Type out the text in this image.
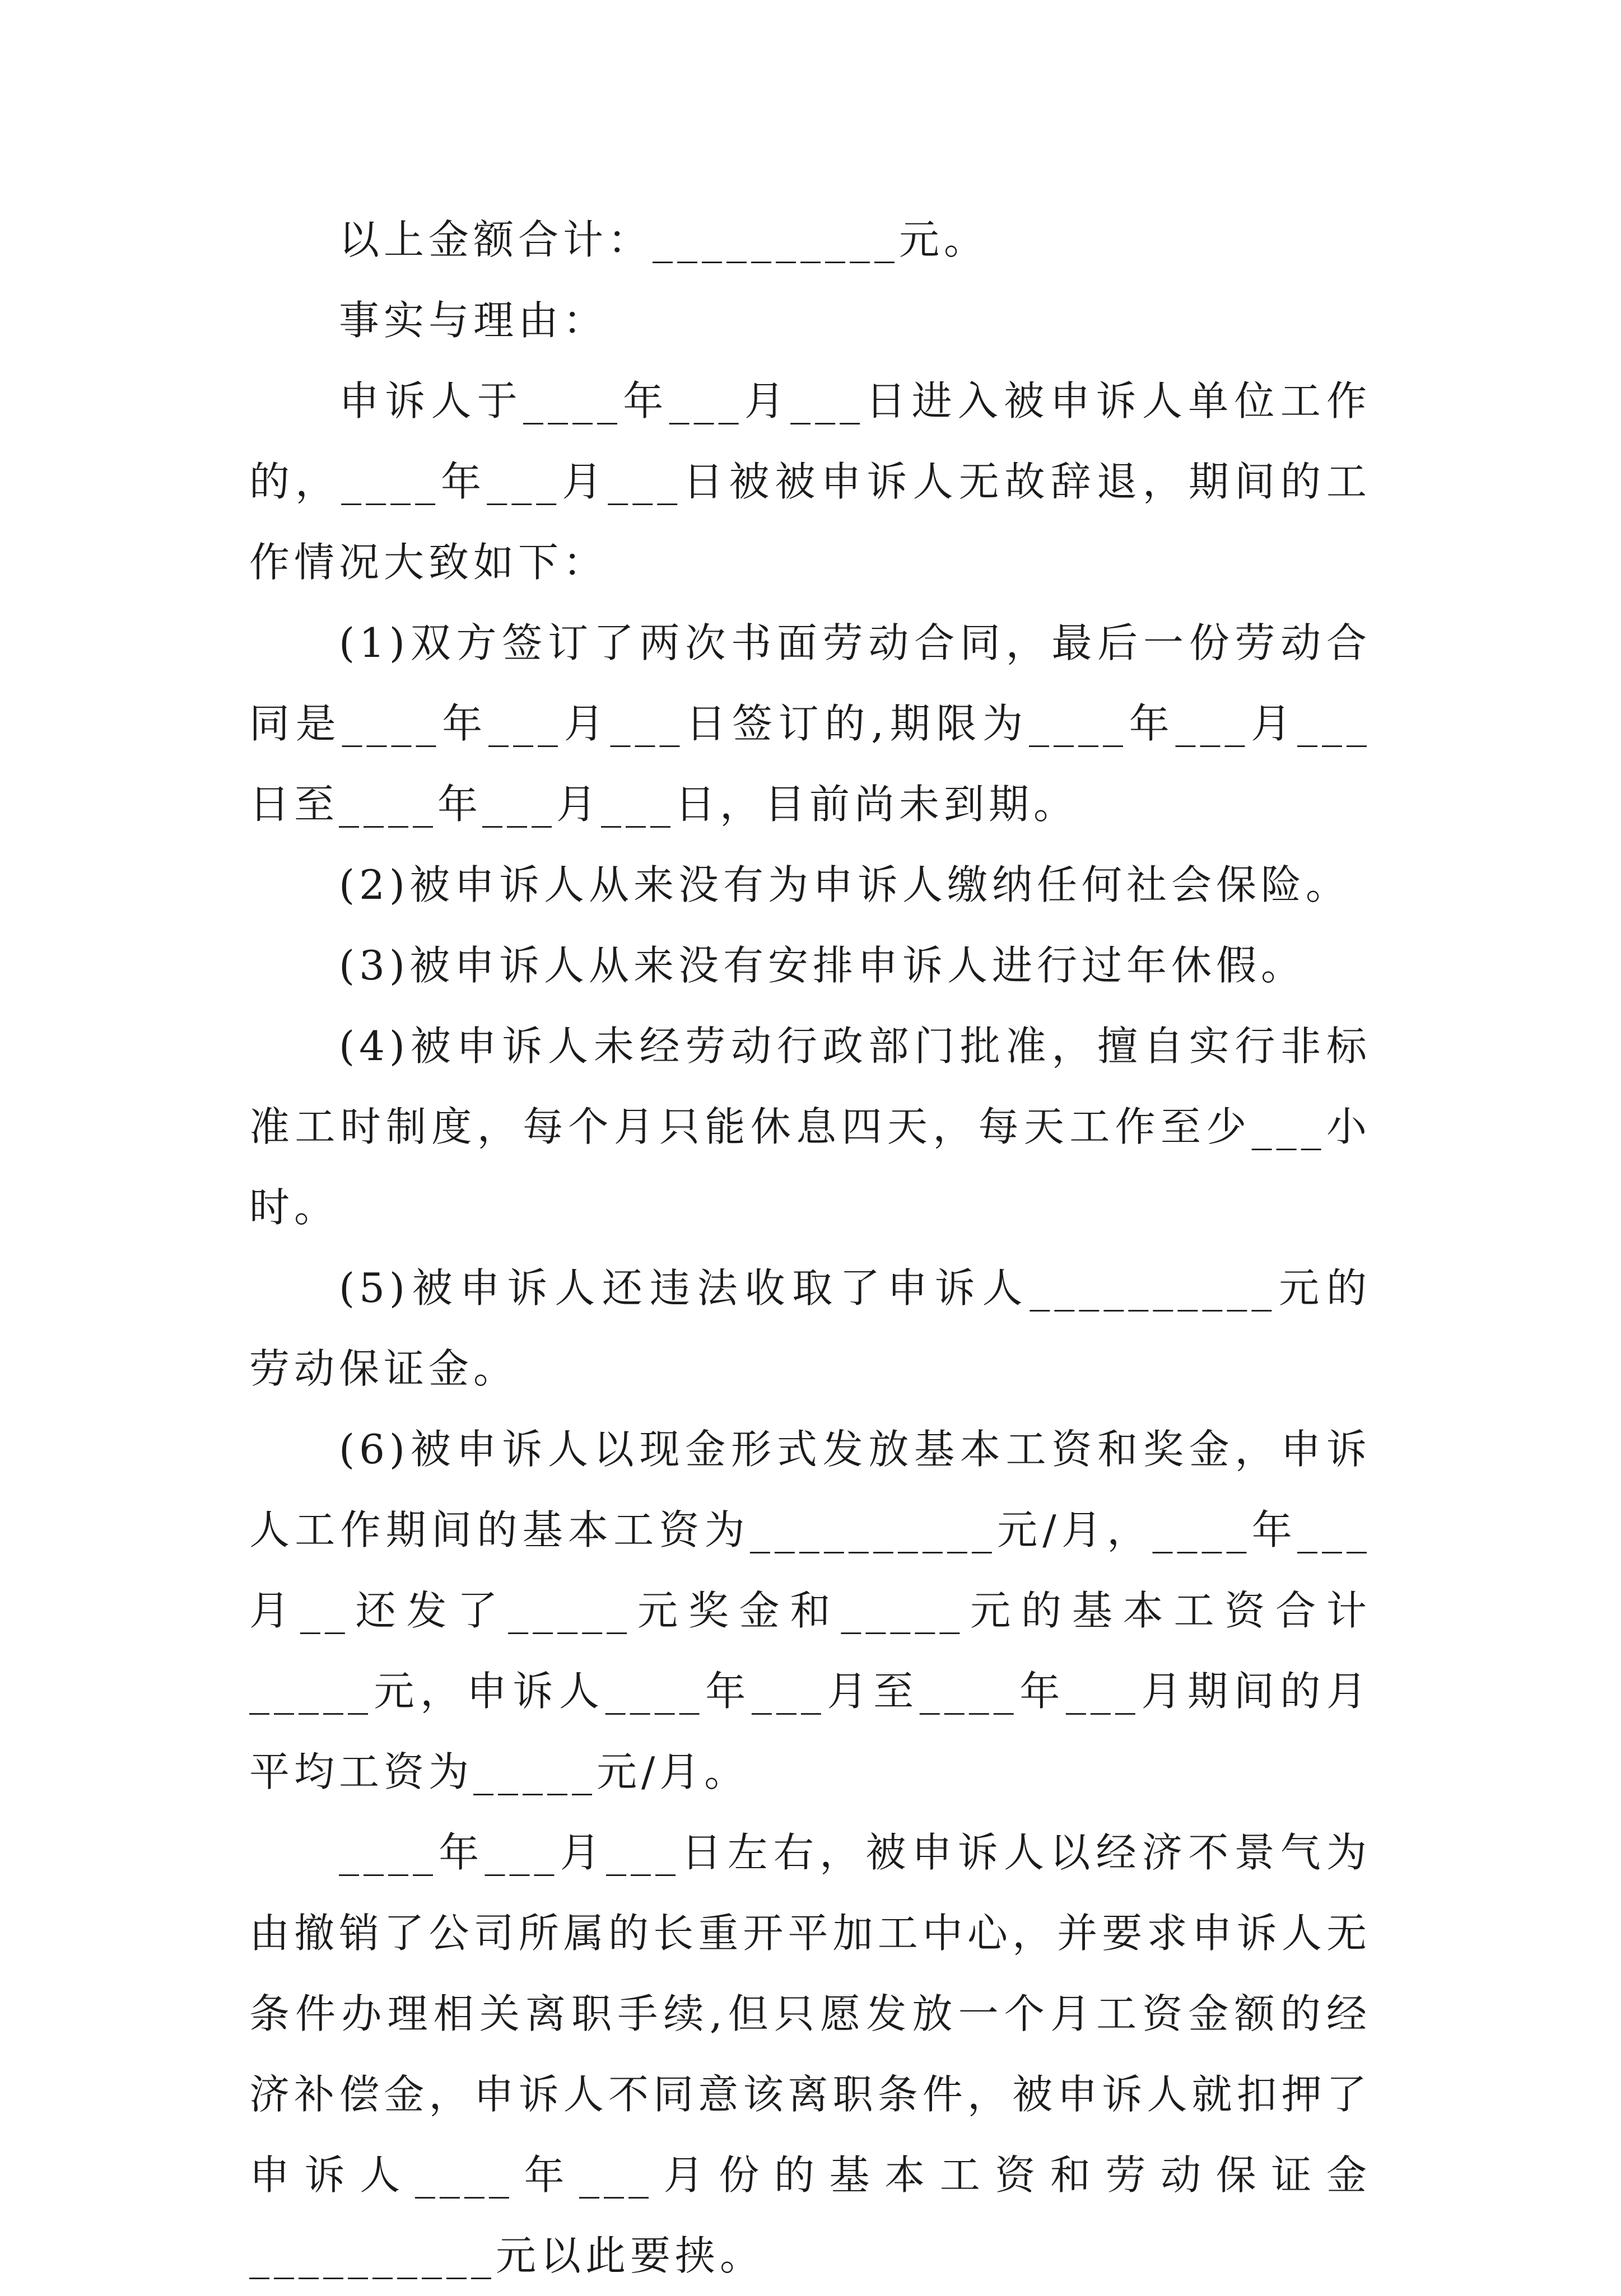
以上金额合计：__________元。

事实与理由：

申诉人于____年___月___日进入被申诉人单位工作的，____年___月___日被被申诉人无故辞退，期间的工作情况大致如下：

(1)双方签订了两次书面劳动合同，最后一份劳动合同是____年___月___日签订的,期限为____年___月___日至____年___月___日，目前尚未到期。

(2)被申诉人从来没有为申诉人缴纳任何社会保险。

(3)被申诉人从来没有安排申诉人进行过年休假。

(4)被申诉人未经劳动行政部门批准，擅自实行非标准工时制度，每个月只能休息四天，每天工作至少___小时。

(5)被申诉人还违法收取了申诉人__________元的劳动保证金。

(6)被申诉人以现金形式发放基本工资和奖金，申诉人工作期间的基本工资为__________元/月，____年___月__还发了_____元奖金和_____元的基本工资合计_____元，申诉人____年___月至____年___月期间的月平均工资为_____元/月。

____年___月___日左右，被申诉人以经济不景气为由撤销了公司所属的长重开平加工中心，并要求申诉人无条件办理相关离职手续,但只愿发放一个月工资金额的经济补偿金，申诉人不同意该离职条件，被申诉人就扣押了申诉人____年___月份的基本工资和劳动保证金__________元以此要挟。
